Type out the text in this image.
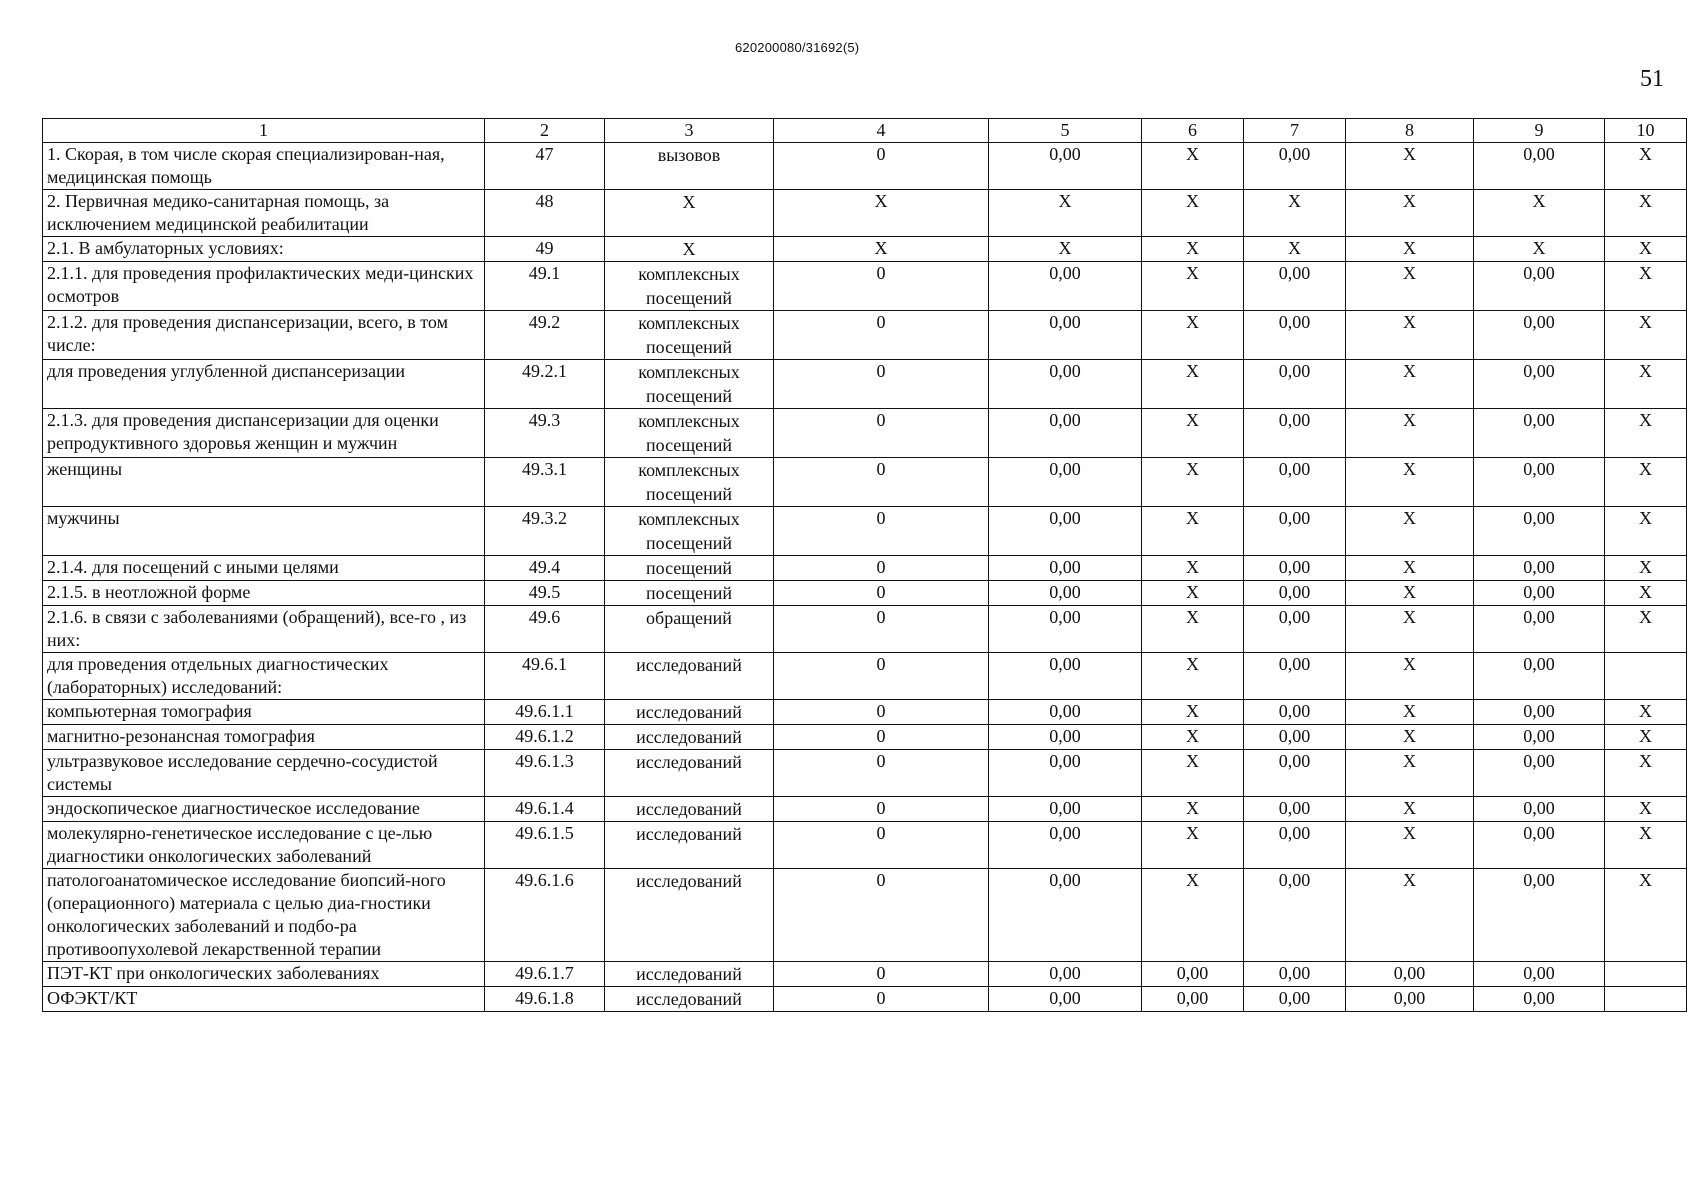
620200080/31692(5)
51
1	2	3	4	5	6	7	8	9	10
1. Скорая, в том числе скорая специализирован-ная, медицинская помощь	47	вызовов	0	0,00	X	0,00	X	0,00	X
2. Первичная медико-санитарная помощь, за исключением медицинской реабилитации	48	X	X	X	X	X	X	X	X
2.1. В амбулаторных условиях:	49	X	X	X	X	X	X	X	X
2.1.1. для проведения профилактических меди-цинских осмотров	49.1	комплексных посещений	0	0,00	X	0,00	X	0,00	X
2.1.2. для проведения диспансеризации, всего, в том числе:	49.2	комплексных посещений	0	0,00	X	0,00	X	0,00	X
для проведения углубленной диспансеризации	49.2.1	комплексных посещений	0	0,00	X	0,00	X	0,00	X
2.1.3. для проведения диспансеризации для оценки репродуктивного здоровья женщин и мужчин	49.3	комплексных посещений	0	0,00	X	0,00	X	0,00	X
женщины	49.3.1	комплексных посещений	0	0,00	X	0,00	X	0,00	X
мужчины	49.3.2	комплексных посещений	0	0,00	X	0,00	X	0,00	X
2.1.4. для посещений с иными целями	49.4	посещений	0	0,00	X	0,00	X	0,00	X
2.1.5. в неотложной форме	49.5	посещений	0	0,00	X	0,00	X	0,00	X
2.1.6. в связи с заболеваниями (обращений), все-го , из них:	49.6	обращений	0	0,00	X	0,00	X	0,00	X
для проведения отдельных диагностических (лабораторных) исследований:	49.6.1	исследований	0	0,00	X	0,00	X	0,00	
компьютерная томография	49.6.1.1	исследований	0	0,00	X	0,00	X	0,00	X
магнитно-резонансная томография	49.6.1.2	исследований	0	0,00	X	0,00	X	0,00	X
ультразвуковое исследование сердечно-сосудистой системы	49.6.1.3	исследований	0	0,00	X	0,00	X	0,00	X
эндоскопическое диагностическое исследование	49.6.1.4	исследований	0	0,00	X	0,00	X	0,00	X
молекулярно-генетическое исследование с це-лью диагностики онкологических заболеваний	49.6.1.5	исследований	0	0,00	X	0,00	X	0,00	X
патологоанатомическое исследование биопсий-ного (операционного) материала с целью диа-гностики онкологических заболеваний и подбо-ра противоопухолевой лекарственной терапии	49.6.1.6	исследований	0	0,00	X	0,00	X	0,00	X
ПЭТ-КТ при онкологических заболеваниях	49.6.1.7	исследований	0	0,00	0,00	0,00	0,00	0,00	
ОФЭКТ/КТ	49.6.1.8	исследований	0	0,00	0,00	0,00	0,00	0,00	
